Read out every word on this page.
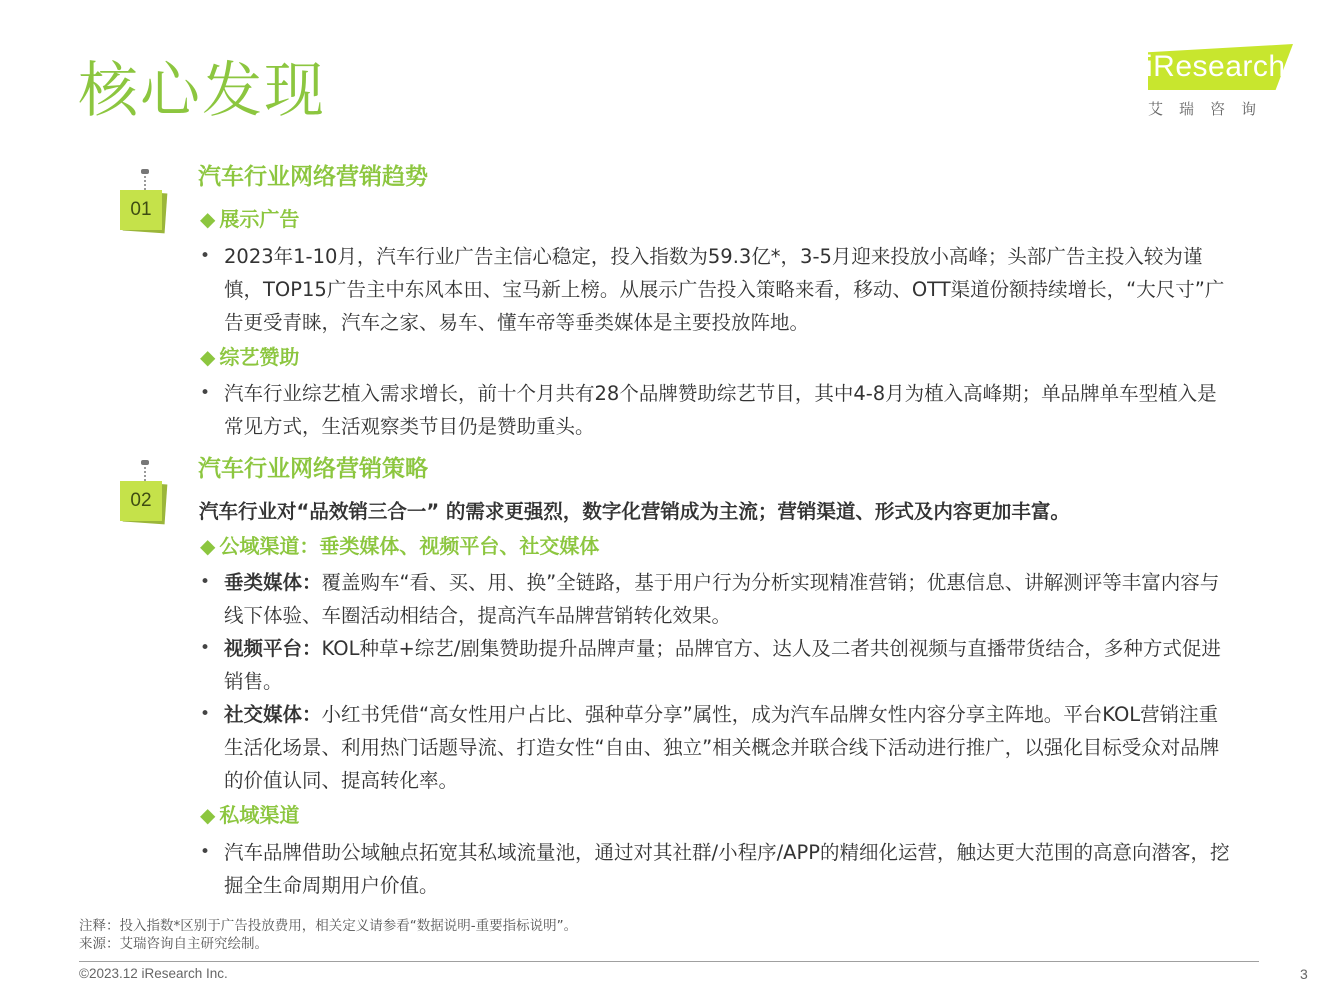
核心发现	iResearch
艾瑞咨询
01
汽车行业网络营销趋势
◆ 展示广告
• 2023年1-10月，汽车行业广告主信心稳定，投入指数为59.3亿*，3-5月迎来投放小高峰；头部广告主投入较为谨慎，TOP15广告主中东风本田、宝马新上榜。从展示广告投入策略来看，移动、OTT渠道份额持续增长，“大尺寸”广告更受青睐，汽车之家、易车、懂车帝等垂类媒体是主要投放阵地。
◆ 综艺赞助
• 汽车行业综艺植入需求增长，前十个月共有28个品牌赞助综艺节目，其中4-8月为植入高峰期；单品牌单车型植入是常见方式，生活观察类节目仍是赞助重头。
02
汽车行业网络营销策略
汽车行业对“品效销三合一” 的需求更强烈，数字化营销成为主流；营销渠道、形式及内容更加丰富。
◆ 公域渠道：垂类媒体、视频平台、社交媒体
• 垂类媒体：覆盖购车“看、买、用、换”全链路，基于用户行为分析实现精准营销；优惠信息、讲解测评等丰富内容与线下体验、车圈活动相结合，提高汽车品牌营销转化效果。
• 视频平台：KOL种草+综艺/剧集赞助提升品牌声量；品牌官方、达人及二者共创视频与直播带货结合，多种方式促进销售。
• 社交媒体：小红书凭借“高女性用户占比、强种草分享”属性，成为汽车品牌女性内容分享主阵地。平台KOL营销注重生活化场景、利用热门话题导流、打造女性“自由、独立”相关概念并联合线下活动进行推广，以强化目标受众对品牌的价值认同、提高转化率。
◆ 私域渠道
• 汽车品牌借助公域触点拓宽其私域流量池，通过对其社群/小程序/APP的精细化运营，触达更大范围的高意向潜客，挖掘全生命周期用户价值。
注释：投入指数*区别于广告投放费用，相关定义请参看“数据说明-重要指标说明”。
来源：艾瑞咨询自主研究绘制。
©2023.12 iResearch Inc.	3
